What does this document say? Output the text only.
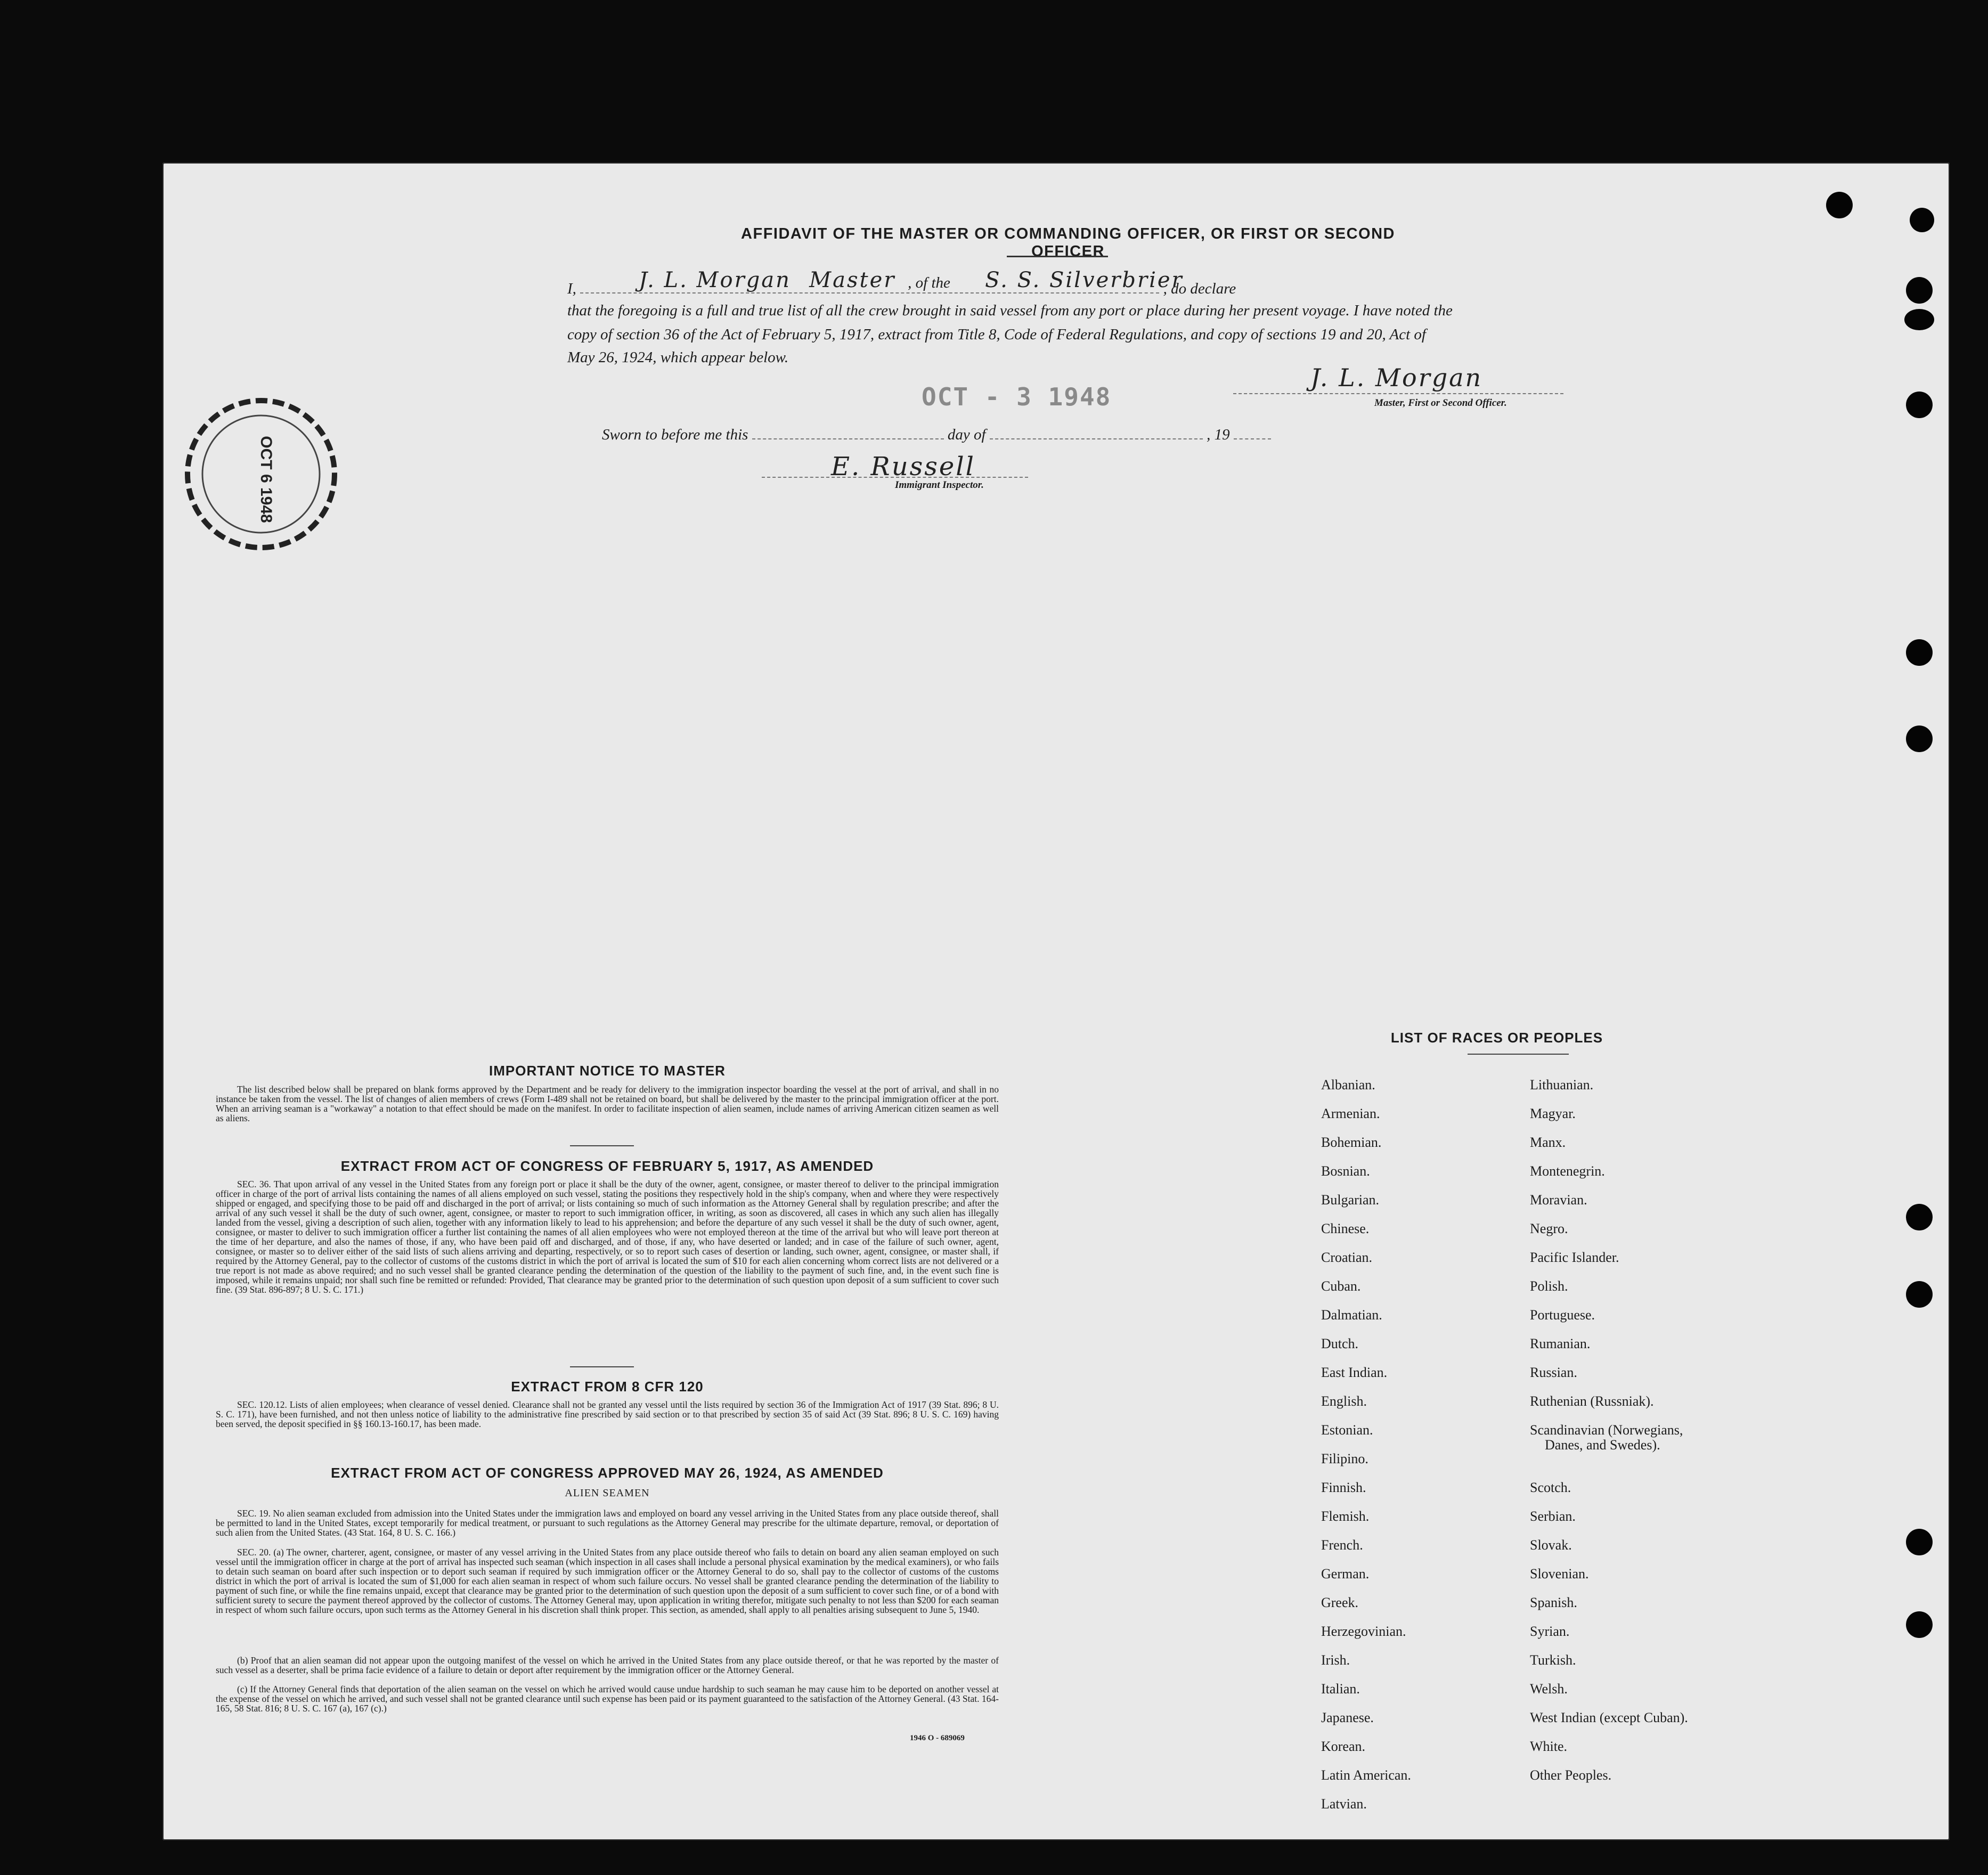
OCT 6 1948
AFFIDAVIT OF THE MASTER OR COMMANDING OFFICER, OR FIRST OR SECOND OFFICER
I,	J. L. Morgan Master , of the S. S. Silverbrier
, do declare
that the foregoing is a full and true list of all the crew brought in said vessel from any port or place during her present voyage. I have noted the
copy of section 36 of the Act of February 5, 1917, extract from Title 8, Code of Federal Regulations, and copy of sections 19 and 20, Act of
May 26, 1924, which appear below.
OCT - 3 1948
J. L. Morgan
Master, First or Second Officer.
Sworn to before me this	day of	, 19
E. Russell
Immigrant Inspector.
IMPORTANT NOTICE TO MASTER
The list described below shall be prepared on blank forms approved by the Department and be ready for delivery to the immigration inspector boarding the vessel at the port of arrival, and shall in no instance be taken from the vessel. The list of changes of alien members of crews (Form I-489 shall not be retained on board, but shall be delivered by the master to the principal immigration officer at the port. When an arriving seaman is a "workaway" a notation to that effect should be made on the manifest. In order to facilitate inspection of alien seamen, include names of arriving American citizen seamen as well as aliens.
EXTRACT FROM ACT OF CONGRESS OF FEBRUARY 5, 1917, AS AMENDED
SEC. 36. That upon arrival of any vessel in the United States from any foreign port or place it shall be the duty of the owner, agent, consignee, or master thereof to deliver to the principal immigration officer in charge of the port of arrival lists containing the names of all aliens employed on such vessel, stating the positions they respectively hold in the ship's company, when and where they were respectively shipped or engaged, and specifying those to be paid off and discharged in the port of arrival; or lists containing so much of such information as the Attorney General shall by regulation prescribe; and after the arrival of any such vessel it shall be the duty of such owner, agent, consignee, or master to report to such immigration officer, in writing, as soon as discovered, all cases in which any such alien has illegally landed from the vessel, giving a description of such alien, together with any information likely to lead to his apprehension; and before the departure of any such vessel it shall be the duty of such owner, agent, consignee, or master to deliver to such immigration officer a further list containing the names of all alien employees who were not employed thereon at the time of the arrival but who will leave port thereon at the time of her departure, and also the names of those, if any, who have been paid off and discharged, and of those, if any, who have deserted or landed; and in case of the failure of such owner, agent, consignee, or master so to deliver either of the said lists of such aliens arriving and departing, respectively, or so to report such cases of desertion or landing, such owner, agent, consignee, or master shall, if required by the Attorney General, pay to the collector of customs of the customs district in which the port of arrival is located the sum of $10 for each alien concerning whom correct lists are not delivered or a true report is not made as above required; and no such vessel shall be granted clearance pending the determination of the question of the liability to the payment of such fine, and, in the event such fine is imposed, while it remains unpaid; nor shall such fine be remitted or refunded: Provided, That clearance may be granted prior to the determination of such question upon deposit of a sum sufficient to cover such fine. (39 Stat. 896-897; 8 U. S. C. 171.)
EXTRACT FROM 8 CFR 120
SEC. 120.12. Lists of alien employees; when clearance of vessel denied. Clearance shall not be granted any vessel until the lists required by section 36 of the Immigration Act of 1917 (39 Stat. 896; 8 U. S. C. 171), have been furnished, and not then unless notice of liability to the administrative fine prescribed by said section or to that prescribed by section 35 of said Act (39 Stat. 896; 8 U. S. C. 169) having been served, the deposit specified in §§ 160.13-160.17, has been made.
EXTRACT FROM ACT OF CONGRESS APPROVED MAY 26, 1924, AS AMENDED
ALIEN SEAMEN
SEC. 19. No alien seaman excluded from admission into the United States under the immigration laws and employed on board any vessel arriving in the United States from any place outside thereof, shall be permitted to land in the United States, except temporarily for medical treatment, or pursuant to such regulations as the Attorney General may prescribe for the ultimate departure, removal, or deportation of such alien from the United States. (43 Stat. 164, 8 U. S. C. 166.)
SEC. 20. (a) The owner, charterer, agent, consignee, or master of any vessel arriving in the United States from any place outside thereof who fails to detain on board any alien seaman employed on such vessel until the immigration officer in charge at the port of arrival has inspected such seaman (which inspection in all cases shall include a personal physical examination by the medical examiners), or who fails to detain such seaman on board after such inspection or to deport such seaman if required by such immigration officer or the Attorney General to do so, shall pay to the collector of customs of the customs district in which the port of arrival is located the sum of $1,000 for each alien seaman in respect of whom such failure occurs. No vessel shall be granted clearance pending the determination of the liability to payment of such fine, or while the fine remains unpaid, except that clearance may be granted prior to the determination of such question upon the deposit of a sum sufficient to cover such fine, or of a bond with sufficient surety to secure the payment thereof approved by the collector of customs. The Attorney General may, upon application in writing therefor, mitigate such penalty to not less than $200 for each seaman in respect of whom such failure occurs, upon such terms as the Attorney General in his discretion shall think proper. This section, as amended, shall apply to all penalties arising subsequent to June 5, 1940.
(b) Proof that an alien seaman did not appear upon the outgoing manifest of the vessel on which he arrived in the United States from any place outside thereof, or that he was reported by the master of such vessel as a deserter, shall be prima facie evidence of a failure to detain or deport after requirement by the immigration officer or the Attorney General.
(c) If the Attorney General finds that deportation of the alien seaman on the vessel on which he arrived would cause undue hardship to such seaman he may cause him to be deported on another vessel at the expense of the vessel on which he arrived, and such vessel shall not be granted clearance until such expense has been paid or its payment guaranteed to the satisfaction of the Attorney General. (43 Stat. 164-165, 58 Stat. 816; 8 U. S. C. 167 (a), 167 (c).)
1946 O - 689069
LIST OF RACES OR PEOPLES
Albanian.
Armenian.
Bohemian.
Bosnian.
Bulgarian.
Chinese.
Croatian.
Cuban.
Dalmatian.
Dutch.
East Indian.
English.
Estonian.
Filipino.
Finnish.
Flemish.
French.
German.
Greek.
Herzegovinian.
Irish.
Italian.
Japanese.
Korean.
Latin American.
Latvian.
Lithuanian.
Magyar.
Manx.
Montenegrin.
Moravian.
Negro.
Pacific Islander.
Polish.
Portuguese.
Rumanian.
Russian.
Ruthenian (Russniak).
Scandinavian (Norwegians,
Danes, and Swedes).
Scotch.
Serbian.
Slovak.
Slovenian.
Spanish.
Syrian.
Turkish.
Welsh.
West Indian (except Cuban).
White.
Other Peoples.
